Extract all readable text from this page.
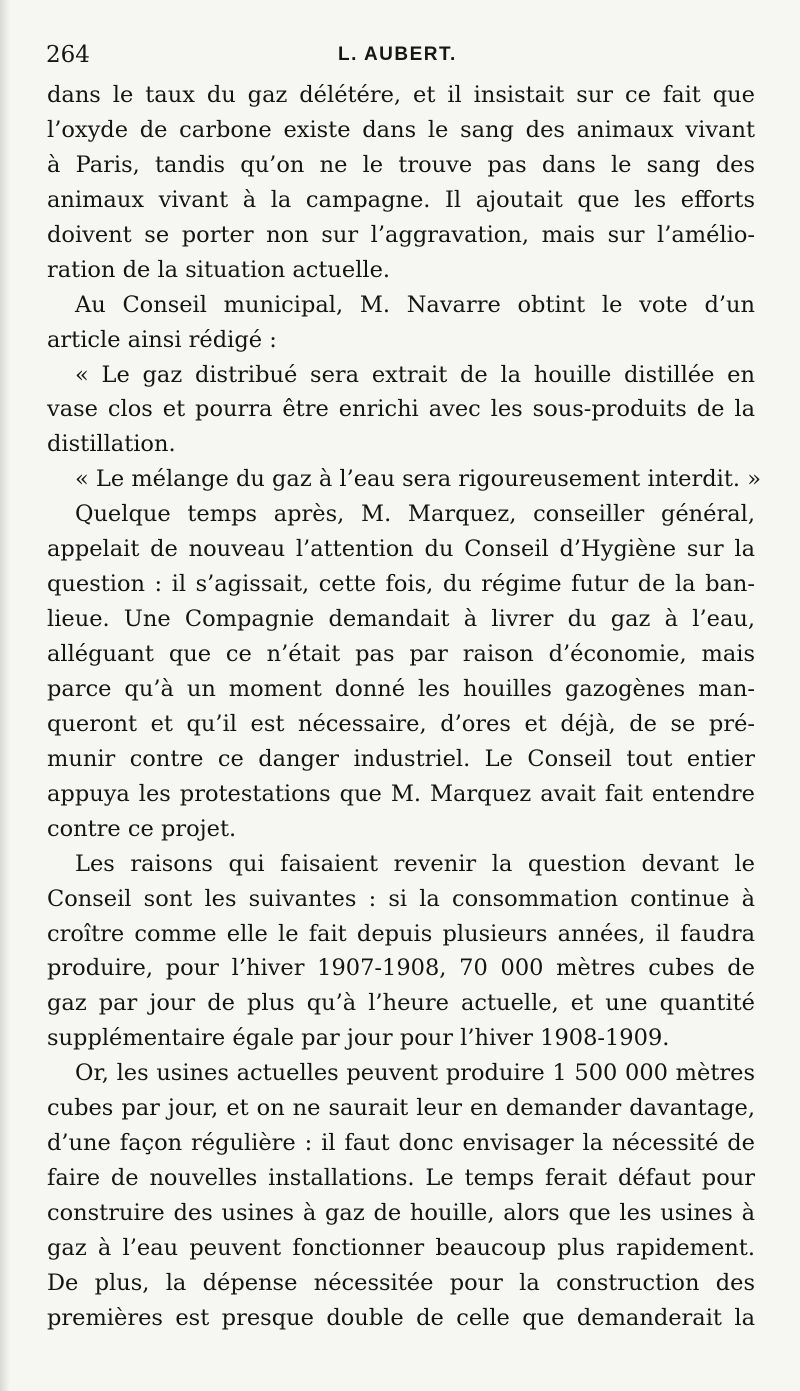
264	L. AUBERT.
dans le taux du gaz délétére, et il insistait sur ce fait que
l’oxyde de carbone existe dans le sang des animaux vivant
à Paris, tandis qu’on ne le trouve pas dans le sang des
animaux vivant à la campagne. Il ajoutait que les efforts
doivent se porter non sur l’aggravation, mais sur l’amélio-
ration de la situation actuelle.
Au Conseil municipal, M. Navarre obtint le vote d’un
article ainsi rédigé :
« Le gaz distribué sera extrait de la houille distillée en
vase clos et pourra être enrichi avec les sous-produits de la
distillation.
« Le mélange du gaz à l’eau sera rigoureusement interdit. »
Quelque temps après, M. Marquez, conseiller général,
appelait de nouveau l’attention du Conseil d’Hygiène sur la
question : il s’agissait, cette fois, du régime futur de la ban-
lieue. Une Compagnie demandait à livrer du gaz à l’eau,
alléguant que ce n’était pas par raison d’économie, mais
parce qu’à un moment donné les houilles gazogènes man-
queront et qu’il est nécessaire, d’ores et déjà, de se pré-
munir contre ce danger industriel. Le Conseil tout entier
appuya les protestations que M. Marquez avait fait entendre
contre ce projet.
Les raisons qui faisaient revenir la question devant le
Conseil sont les suivantes : si la consommation continue à
croître comme elle le fait depuis plusieurs années, il faudra
produire, pour l’hiver 1907-1908, 70 000 mètres cubes de
gaz par jour de plus qu’à l’heure actuelle, et une quantité
supplémentaire égale par jour pour l’hiver 1908-1909.
Or, les usines actuelles peuvent produire 1 500 000 mètres
cubes par jour, et on ne saurait leur en demander davantage,
d’une façon régulière : il faut donc envisager la nécessité de
faire de nouvelles installations. Le temps ferait défaut pour
construire des usines à gaz de houille, alors que les usines à
gaz à l’eau peuvent fonctionner beaucoup plus rapidement.
De plus, la dépense nécessitée pour la construction des
premières est presque double de celle que demanderait la
